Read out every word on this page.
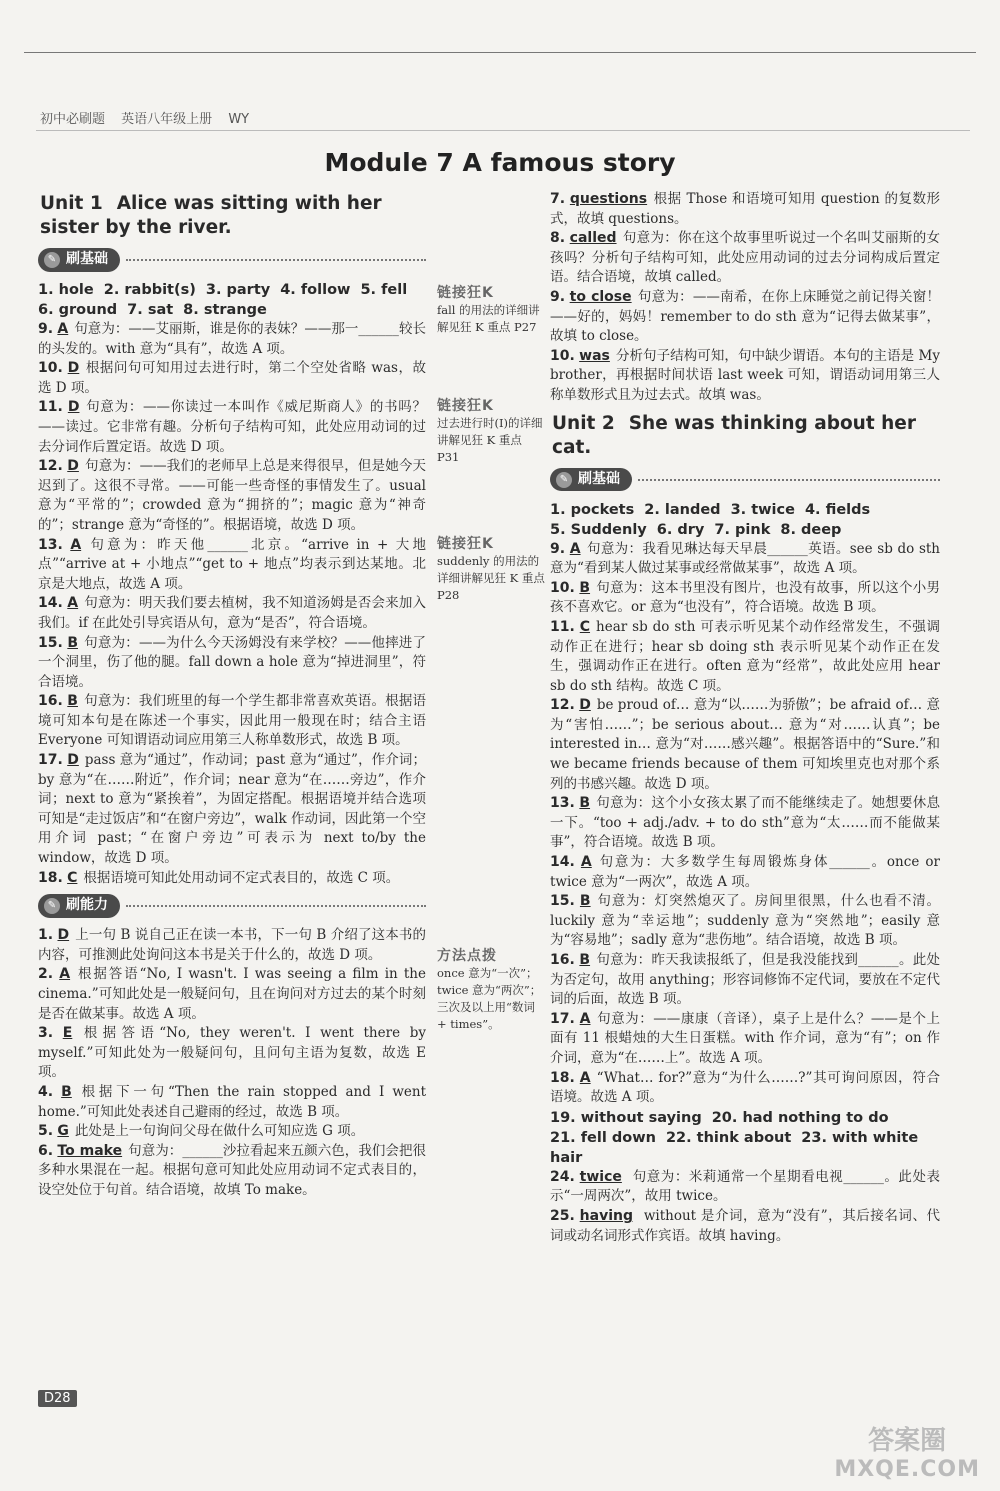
初中必刷题 英语八年级上册 WY
Module 7 A famous story
Unit 1 Alice was sitting with her sister by the river.
✎ 刷基础
1. hole 2. rabbit(s) 3. party 4. follow 5. fell
6. ground 7. sat 8. strange
9. A 句意为：——艾丽斯，谁是你的表妹？——那一______较长的头发的。with 意为“具有”，故选 A 项。
10. D 根据问句可知用过去进行时，第二个空处省略 was，故选 D 项。
11. D 句意为：——你读过一本叫作《威尼斯商人》的书吗？——读过。它非常有趣。分析句子结构可知，此处应用动词的过去分词作后置定语。故选 D 项。
12. D 句意为：——我们的老师早上总是来得很早，但是她今天迟到了。这很不寻常。——可能一些奇怪的事情发生了。usual 意为“平常的”；crowded 意为“拥挤的”；magic 意为“神奇的”；strange 意为“奇怪的”。根据语境，故选 D 项。
13. A 句意为：昨天他______北京。“arrive in + 大地点”“arrive at + 小地点”“get to + 地点”均表示到达某地。北京是大地点，故选 A 项。
14. A 句意为：明天我们要去植树，我不知道汤姆是否会来加入我们。if 在此处引导宾语从句，意为“是否”，符合语境。
15. B 句意为：——为什么今天汤姆没有来学校？——他摔进了一个洞里，伤了他的腿。fall down a hole 意为“掉进洞里”，符合语境。
16. B 句意为：我们班里的每一个学生都非常喜欢英语。根据语境可知本句是在陈述一个事实，因此用一般现在时；结合主语 Everyone 可知谓语动词应用第三人称单数形式，故选 B 项。
17. D pass 意为“通过”，作动词；past 意为“通过”，作介词；by 意为“在……附近”，作介词；near 意为“在……旁边”，作介词；next to 意为“紧挨着”，为固定搭配。根据语境并结合选项可知是“走过饭店”和“在窗户旁边”，walk 作动词，因此第一个空用介词 past；“在窗户旁边”可表示为 next to/by the window，故选 D 项。
18. C 根据语境可知此处用动词不定式表目的，故选 C 项。
✎ 刷能力
1. D 上一句 B 说自己正在读一本书，下一句 B 介绍了这本书的内容，可推测此处询问这本书是关于什么的，故选 D 项。
2. A 根据答语“No, I wasn't. I was seeing a film in the cinema.”可知此处是一般疑问句，且在询问对方过去的某个时刻是否在做某事。故选 A 项。
3. E 根据答语“No, they weren't. I went there by myself.”可知此处为一般疑问句，且问句主语为复数，故选 E 项。
4. B 根据下一句“Then the rain stopped and I went home.”可知此处表述自己避雨的经过，故选 B 项。
5. G 此处是上一句询问父母在做什么可知应选 G 项。
6. To make 句意为：______沙拉看起来五颜六色，我们会把很多种水果混在一起。根据句意可知此处应用动词不定式表目的，设空处位于句首。结合语境，故填 To make。
链接狂K
fall 的用法的详细讲解见狂 K 重点 P27
链接狂K
过去进行时(Ⅰ)的详细讲解见狂 K 重点 P31
链接狂K
suddenly 的用法的详细讲解见狂 K 重点 P28
方法点拨
once 意为“一次”；twice 意为“两次”；三次及以上用“数词 + times”。
7. questions 根据 Those 和语境可知用 question 的复数形式，故填 questions。
8. called 句意为：你在这个故事里听说过一个名叫艾丽斯的女孩吗？分析句子结构可知，此处应用动词的过去分词构成后置定语。结合语境，故填 called。
9. to close 句意为：——南希，在你上床睡觉之前记得关窗！——好的，妈妈！remember to do sth 意为“记得去做某事”，故填 to close。
10. was 分析句子结构可知，句中缺少谓语。本句的主语是 My brother，再根据时间状语 last week 可知，谓语动词用第三人称单数形式且为过去式。故填 was。
Unit 2 She was thinking about her cat.
✎ 刷基础
1. pockets 2. landed 3. twice 4. fields
5. Suddenly 6. dry 7. pink 8. deep
9. A 句意为：我看见琳达每天早晨______英语。see sb do sth 意为“看到某人做过某事或经常做某事”，故选 A 项。
10. B 句意为：这本书里没有图片，也没有故事，所以这个小男孩不喜欢它。or 意为“也没有”，符合语境。故选 B 项。
11. C hear sb do sth 可表示听见某个动作经常发生，不强调动作正在进行；hear sb doing sth 表示听见某个动作正在发生，强调动作正在进行。often 意为“经常”，故此处应用 hear sb do sth 结构。故选 C 项。
12. D be proud of… 意为“以……为骄傲”；be afraid of… 意为“害怕……”；be serious about… 意为“对……认真”；be interested in… 意为“对……感兴趣”。根据答语中的“Sure.”和 we became friends because of them 可知埃里克也对那个系列的书感兴趣。故选 D 项。
13. B 句意为：这个小女孩太累了而不能继续走了。她想要休息一下。“too + adj./adv. + to do sth”意为“太……而不能做某事”，符合语境。故选 B 项。
14. A 句意为：大多数学生每周锻炼身体______。once or twice 意为“一两次”，故选 A 项。
15. B 句意为：灯突然熄灭了。房间里很黑，什么也看不清。luckily 意为“幸运地”；suddenly 意为“突然地”；easily 意为“容易地”；sadly 意为“悲伤地”。结合语境，故选 B 项。
16. B 句意为：昨天我读报纸了，但是我没能找到______。此处为否定句，故用 anything；形容词修饰不定代词，要放在不定代词的后面，故选 B 项。
17. A 句意为：——康康（音译），桌子上是什么？——是个上面有 11 根蜡烛的大生日蛋糕。with 作介词，意为“有”；on 作介词，意为“在……上”。故选 A 项。
18. A “What… for?”意为“为什么……?”其可询问原因，符合语境。故选 A 项。
19. without saying 20. had nothing to do
21. fell down 22. think about 23. with white hair
24. twice 句意为：米莉通常一个星期看电视______。此处表示“一周两次”，故用 twice。
25. having without 是介词，意为“没有”，其后接名词、代词或动名词形式作宾语。故填 having。
D28
答案圈
MXQE.COM
